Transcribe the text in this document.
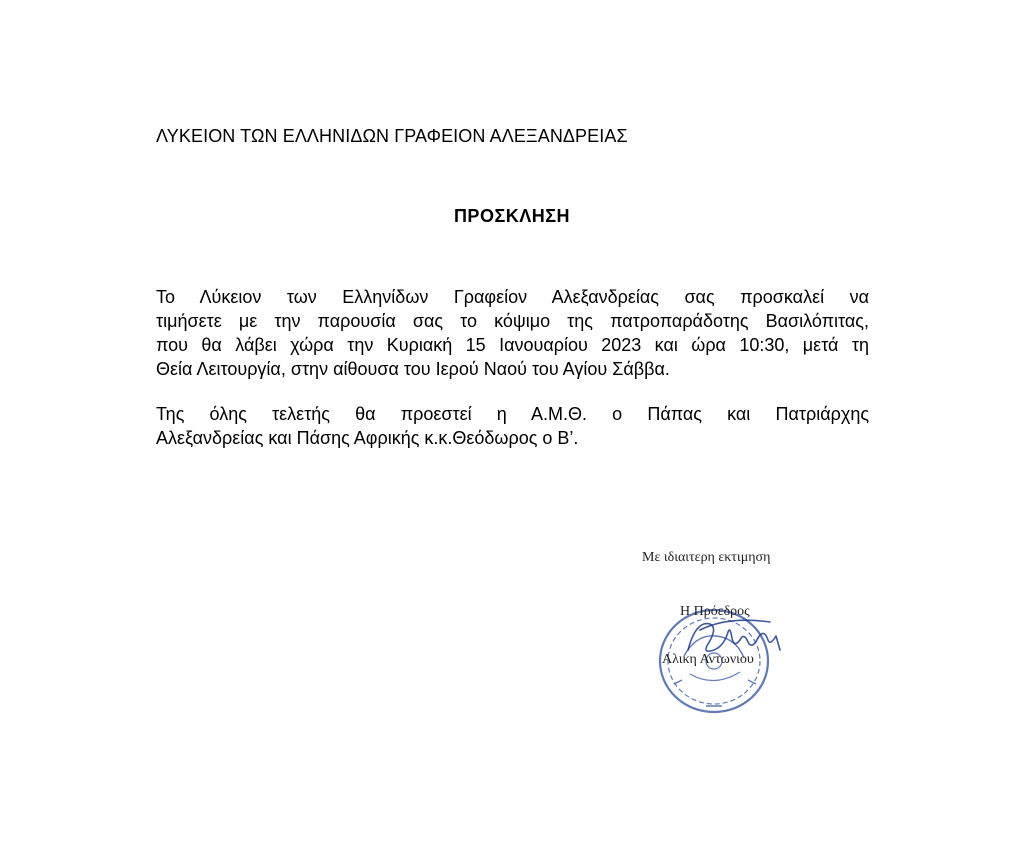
ΛΥΚΕΙΟΝ ΤΩΝ ΕΛΛΗΝΙΔΩΝ ΓΡΑΦΕΙΟΝ ΑΛΕΞΑΝΔΡΕΙΑΣ
ΠΡΟΣΚΛΗΣΗ

Το Λύκειον των Ελληνίδων Γραφείον Αλεξανδρείας σας προσκαλεί να
τιμήσετε με την παρουσία σας το κόψιμο της πατροπαράδοτης Βασιλόπιτας,
που θα λάβει χώρα την Κυριακή 15 Ιανουαρίου 2023 και ώρα 10:30, μετά τη
Θεία Λειτουργία, στην αίθουσα του Ιερού Ναού του Αγίου Σάββα.

Της όλης τελετής θα προεστεί η Α.Μ.Θ. ο Πάπας και Πατριάρχης
Αλεξανδρείας και Πάσης Αφρικής κ.κ.Θεόδωρος ο Β’.

Με ιδιαιτερη εκτιμηση
Η Πρόεδρος
Αλικη Αντωνιου
